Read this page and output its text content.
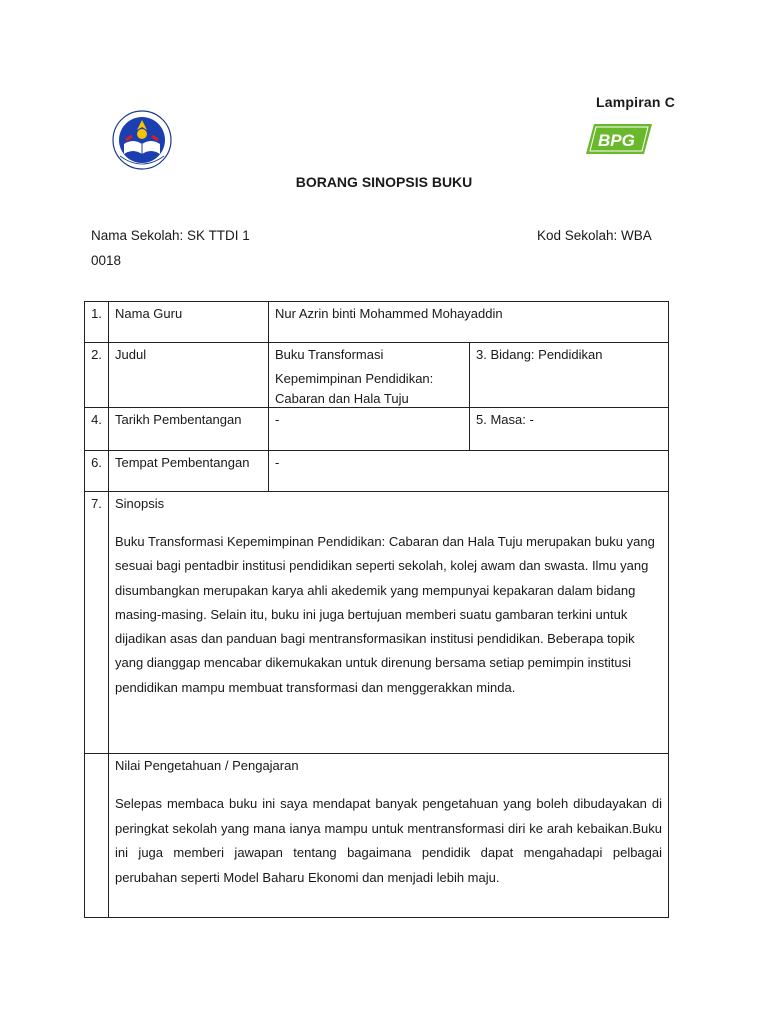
Lampiran C
BPG
BORANG SINOPSIS BUKU
Nama Sekolah: SK TTDI 1	Kod Sekolah: WBA
0018
1.	Nama Guru	Nur Azrin binti Mohammed Mohayaddin	
2.	Judul	Buku Transformasi
Kepemimpinan Pendidikan:
Cabaran dan Hala Tuju	3. Bidang: Pendidikan
4.	Tarikh Pembentangan	-	5. Masa: -
6.	Tempat Pembentangan	-	
7.	Sinopsis

Buku Transformasi Kepemimpinan Pendidikan: Cabaran dan Hala Tuju merupakan buku yang sesuai bagi pentadbir institusi pendidikan seperti sekolah, kolej awam dan swasta. Ilmu yang disumbangkan merupakan karya ahli akedemik yang mempunyai kepakaran dalam bidang masing-masing. Selain itu, buku ini juga bertujuan memberi suatu gambaran terkini untuk dijadikan asas dan panduan bagi mentransformasikan institusi pendidikan. Beberapa topik yang dianggap mencabar dikemukakan untuk direnung bersama setiap pemimpin institusi pendidikan mampu membuat transformasi dan menggerakkan minda.		

	Nilai Pengetahuan / Pengajaran

Selepas membaca buku ini saya mendapat banyak pengetahuan yang boleh dibudayakan di peringkat sekolah yang mana ianya mampu untuk mentransformasi diri ke arah kebaikan.Buku ini juga memberi jawapan tentang bagaimana pendidik dapat mengahadapi pelbagai perubahan seperti Model Baharu Ekonomi dan menjadi lebih maju.		
